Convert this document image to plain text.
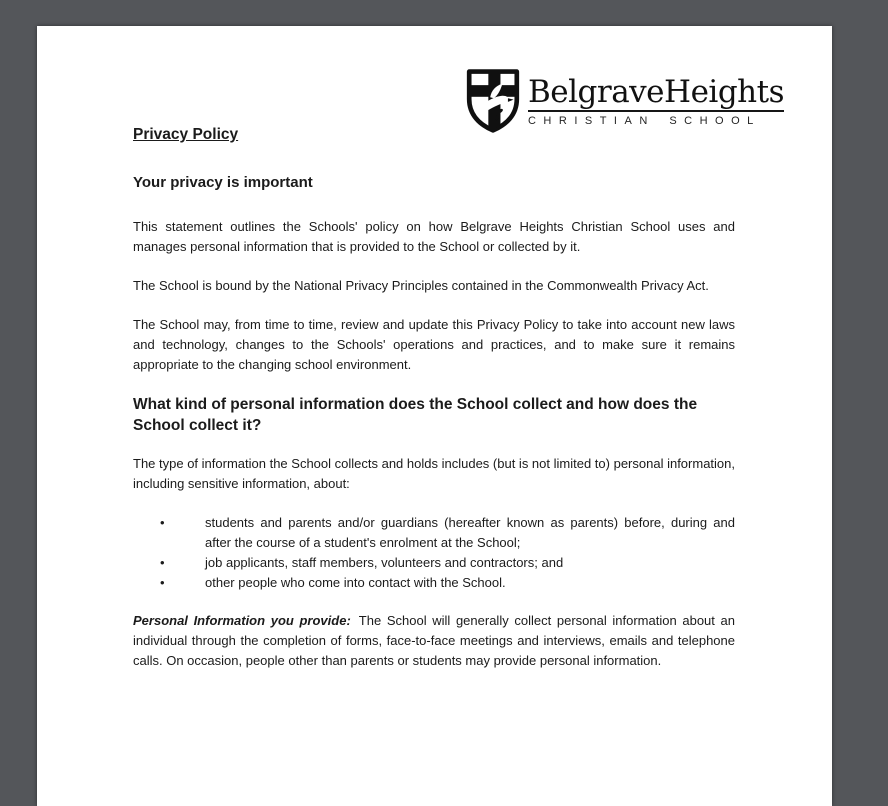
BelgraveHeights
CHRISTIAN SCHOOL
Privacy Policy
Your privacy is important

This statement outlines the Schools' policy on how Belgrave Heights Christian School uses and manages personal information that is provided to the School or collected by it.

The School is bound by the National Privacy Principles contained in the Commonwealth Privacy Act.

The School may, from time to time, review and update this Privacy Policy to take into account new laws and technology, changes to the Schools' operations and practices, and to make sure it remains appropriate to the changing school environment.

What kind of personal information does the School collect and how does the School collect it?

The type of information the School collects and holds includes (but is not limited to) personal information, including sensitive information, about:

•	students and parents and/or guardians (hereafter known as parents) before, during and after the course of a student's enrolment at the School;
•	job applicants, staff members, volunteers and contractors; and
•	other people who come into contact with the School.

Personal Information you provide: The School will generally collect personal information about an individual through the completion of forms, face-to-face meetings and interviews, emails and telephone calls. On occasion, people other than parents or students may provide personal information.
